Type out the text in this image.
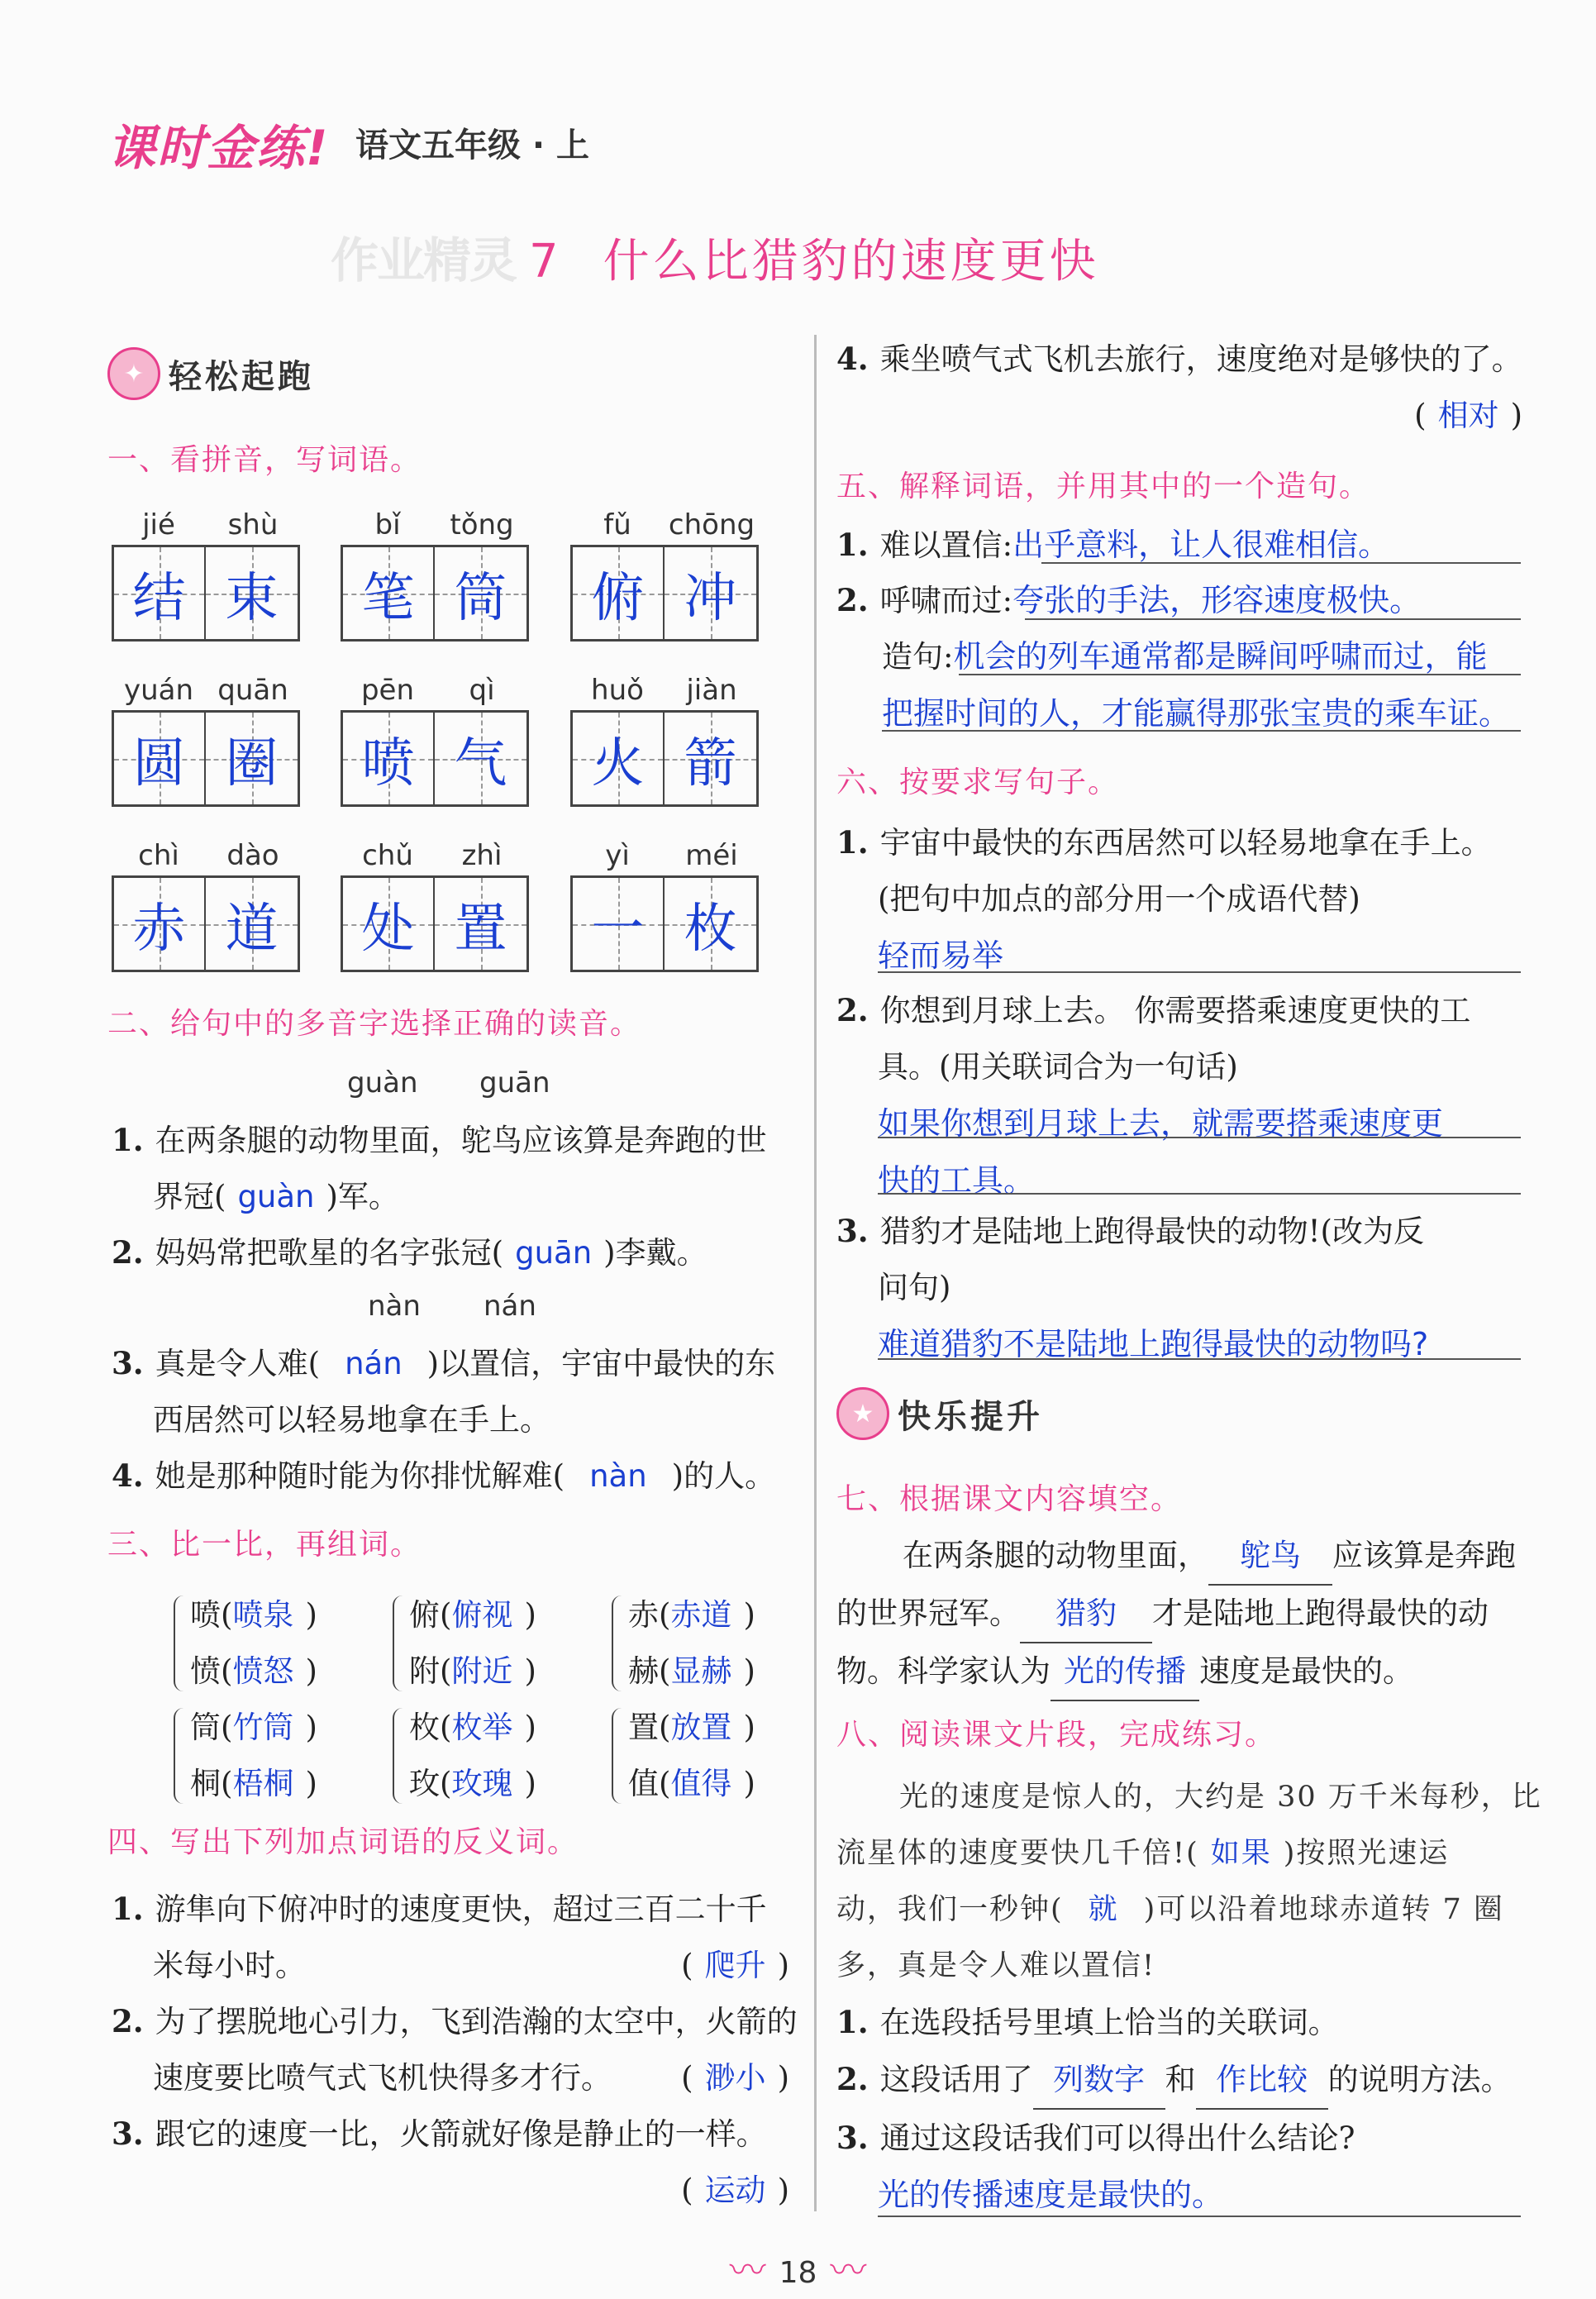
课时金练! 语文五年级 · 上
作业精灵 7 什么比猎豹的速度更快
✦ 轻松起跑
一、看拼音，写词语。
jié	shù
结 束
bǐ	tǒng
笔 筒
fǔ	chōng
俯 冲
yuán quān
圆 圈
pēn	qì
喷 气
huǒ	jiàn
火 箭
chì	dào
赤 道
chǔ	zhì
处 置
yì	méi
一 枚
二、给句中的多音字选择正确的读音。
guàn guān
1. 在两条腿的动物里面，鸵鸟应该算是奔跑的世
界冠( guàn )军。
2. 妈妈常把歌星的名字张冠( guān )李戴。
nàn nán
3. 真是令人难( nán )以置信，宇宙中最快的东
西居然可以轻易地拿在手上。
4. 她是那种随时能为你排忧解难( nàn )的人。
三、比一比，再组词。
喷(喷泉 )
愤(愤怒 )
俯(俯视 )
附(附近 )
赤(赤道 )
赫(显赫 )
筒(竹筒 )
桐(梧桐 )
枚(枚举 )
玫(玫瑰 )
置(放置 )
值(值得 )
四、写出下列加点词语的反义词。
1. 游隼向下俯冲时的速度更快，超过三百二十千
米每小时。	( 爬升 )
2. 为了摆脱地心引力，飞到浩瀚的太空中，火箭的
速度要比喷气式飞机快得多才行。 ( 渺小 )
3. 跟它的速度一比，火箭就好像是静止的一样。
( 运动 )
4. 乘坐喷气式飞机去旅行，速度绝对是够快的了。
( 相对 )
五、解释词语，并用其中的一个造句。
1. 难以置信:出乎意料，让人很难相信。
2. 呼啸而过:夸张的手法，形容速度极快。
造句:机会的列车通常都是瞬间呼啸而过，能
把握时间的人，才能赢得那张宝贵的乘车证。
六、按要求写句子。
1. 宇宙中最快的东西居然可以轻易地拿在手上。
(把句中加点的部分用一个成语代替)
轻而易举
2. 你想到月球上去。 你需要搭乘速度更快的工
具。(用关联词合为一句话)
如果你想到月球上去，就需要搭乘速度更
快的工具。
3. 猎豹才是陆地上跑得最快的动物!(改为反
问句)
难道猎豹不是陆地上跑得最快的动物吗?
★ 快乐提升
七、根据课文内容填空。
在两条腿的动物里面， 鸵鸟 应该算是奔跑
的世界冠军。 猎豹 才是陆地上跑得最快的动
物。科学家认为 光的传播 速度是最快的。
八、阅读课文片段，完成练习。
光的速度是惊人的，大约是 30 万千米每秒，比
流星体的速度要快几千倍!( 如果 )按照光速运
动，我们一秒钟( 就 )可以沿着地球赤道转 7 圈
多，真是令人难以置信!
1. 在选段括号里填上恰当的关联词。
2. 这段话用了 列数字 和 作比较 的说明方法。
3. 通过这段话我们可以得出什么结论?
光的传播速度是最快的。
〰 18 〰
